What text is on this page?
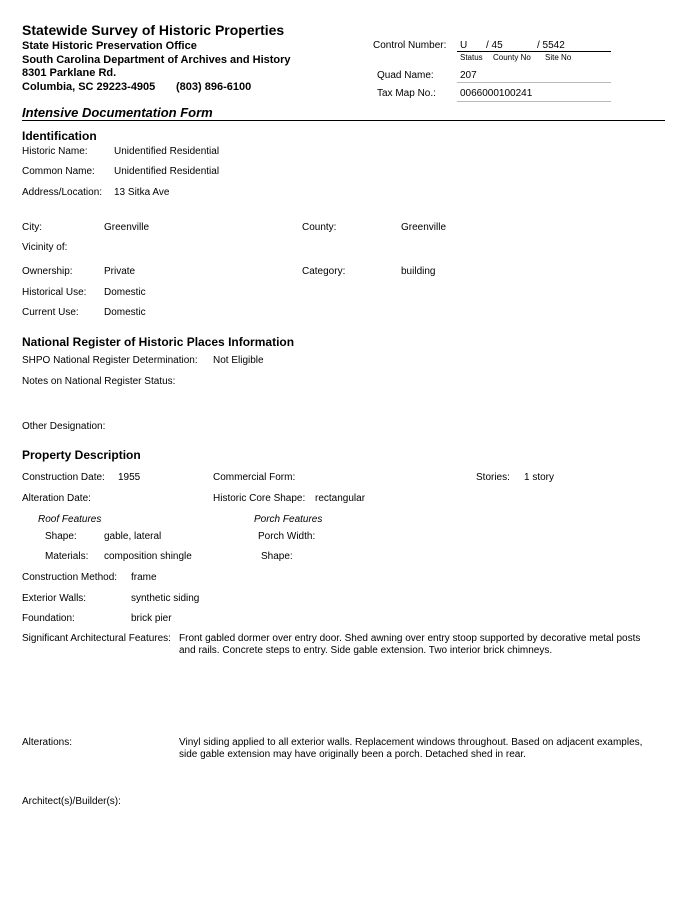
Statewide Survey of Historic Properties
State Historic Preservation Office
South Carolina Department of Archives and History
8301 Parklane Rd.
Columbia, SC 29223-4905 (803) 896-6100
Control Number: U / 45	/ 5542
Status County No Site No
Quad Name:	207
Tax Map No.: 0066000100241
Intensive Documentation Form
Identification
Historic Name:	Unidentified Residential
Common Name: Unidentified Residential
Address/Location: 13 Sitka Ave
City:	Greenville	County:	Greenville
Vicinity of:
Ownership:	Private	Category:	building
Historical Use: Domestic
Current Use:	Domestic
National Register of Historic Places Information
SHPO National Register Determination: Not Eligible
Notes on National Register Status:
Other Designation:
Property Description
Construction Date: 1955	Commercial Form:	Stories: 1 story
Alteration Date:	Historic Core Shape: rectangular
Roof Features	Porch Features
Shape:	gable, lateral	Porch Width:
Materials: composition shingle	Shape:
Construction Method: frame
Exterior Walls:	synthetic siding
Foundation:	brick pier
Significant Architectural Features: Front gabled dormer over entry door. Shed awning over entry stoop supported by decorative metal posts and rails. Concrete steps to entry. Side gable extension. Two interior brick chimneys.
Alterations:	Vinyl siding applied to all exterior walls. Replacement windows throughout. Based on adjacent examples, side gable extension may have originally been a porch. Detached shed in rear.
Architect(s)/Builder(s):
